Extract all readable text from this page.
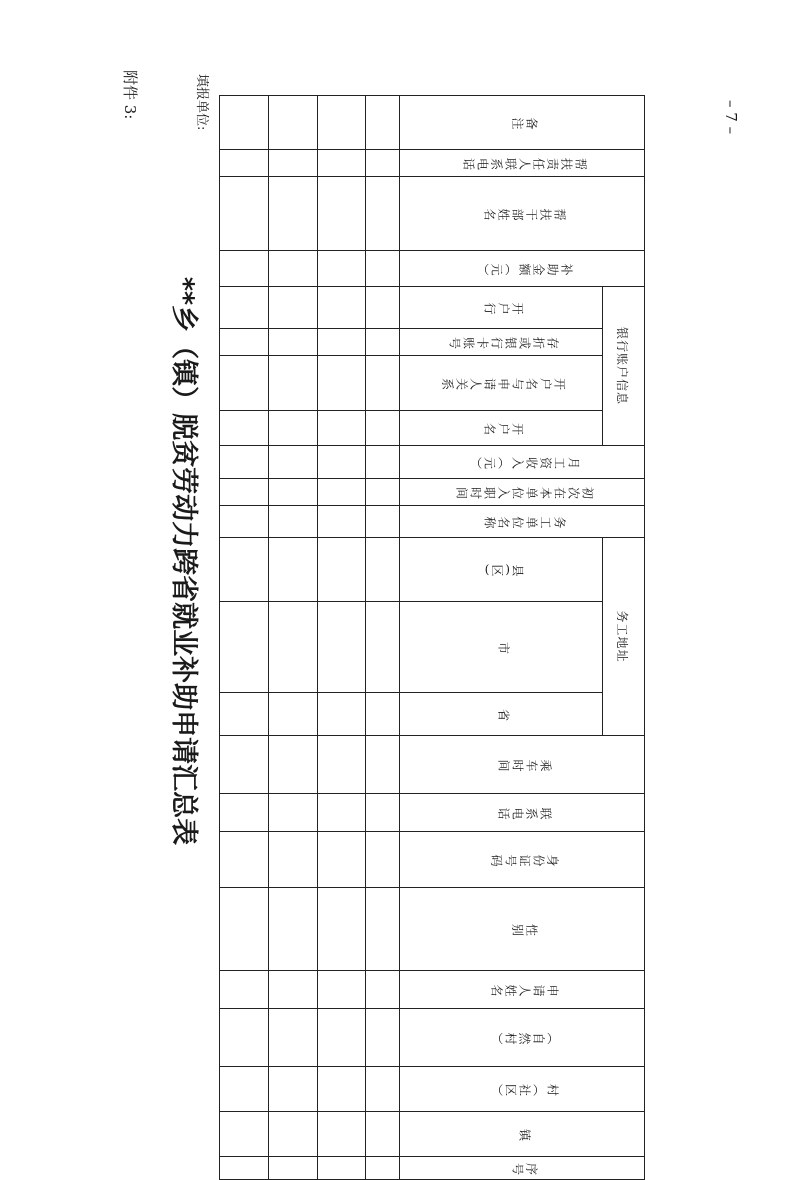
附件 3:
**乡（镇）脱贫劳动力跨省就业补助申请汇总表
填报单位:	– 7 –
备注	帮扶责任人联系电话	帮扶干部姓名	补助金额（元）	银行账户信息				月工资收入（元）	初次在本单位入职时间	务工单位名称	务工地址			乘车时间	联系电话	身份证号码	性别	申请人姓名	（自然村）	村（社区）	镇	序号
				开户行	存折或银行卡账号	开户名与申请人关系	开户名				县(区)	市	省									
